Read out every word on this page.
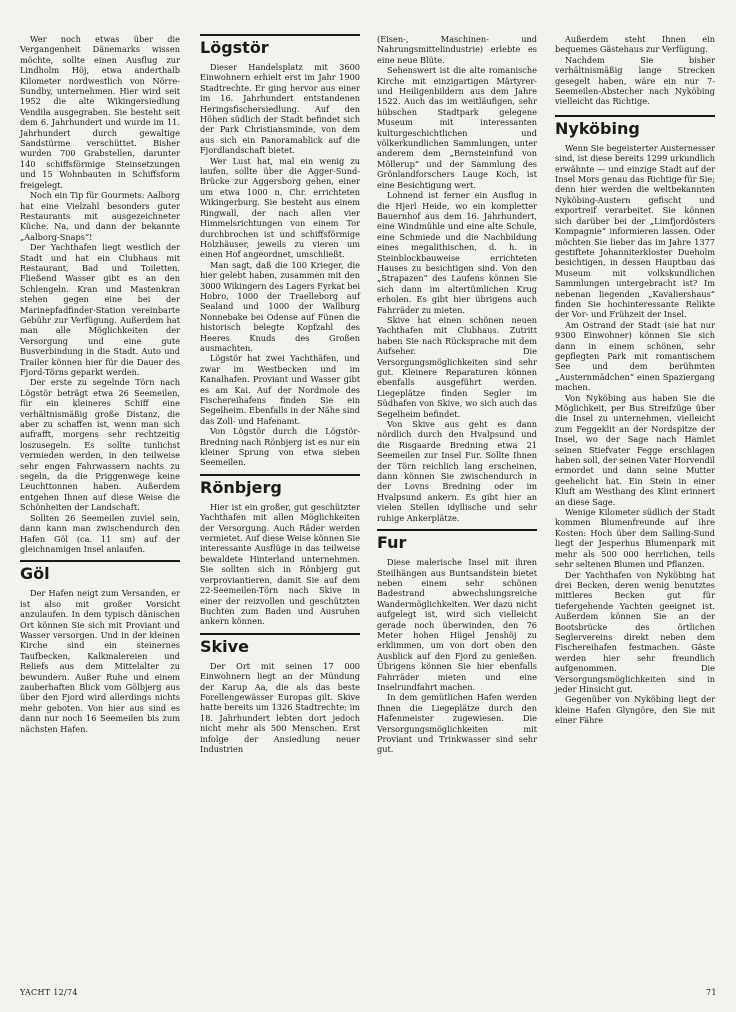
Wer noch etwas über die Vergangenheit Dänemarks wissen möchte, sollte einen Ausflug zur Lindholm Höj, etwa anderthalb Kilometer nordwestlich von Nörre-Sundby, unternehmen. Hier wird seit 1952 die alte Wikingersiedlung Vendila ausgegraben. Sie besteht seit dem 6. Jahrhundert und wurde im 11. Jahrhundert durch gewaltige Sandstürme verschüttet. Bisher wurden 700 Grabstellen, darunter 140 schiffsförmige Steinsetzungen und 15 Wohnbauten in Schiffsform freigelegt.

Noch ein Tip für Gourmets: Aalborg hat eine Vielzahl besonders guter Restaurants mit ausgezeichneter Küche. Na, und dann der bekannte „Aalborg-Snaps“!

Der Yachthafen liegt westlich der Stadt und hat ein Clubhaus mit Restaurant, Bad und Toiletten. Fließend Wasser gibt es an den Schlengeln. Kran und Mastenkran stehen gegen eine bei der Marinepfadfinder-Station vereinbarte Gebühr zur Verfügung. Außerdem hat man alle Möglichkeiten der Versorgung und eine gute Busverbindung in die Stadt. Auto und Trailer können hier für die Dauer des Fjord-Törns geparkt werden.

Der erste zu segelnde Törn nach Lögstör beträgt etwa 26 Seemeilen, für ein kleineres Schiff eine verhältnismäßig große Distanz, die aber zu schaffen ist, wenn man sich aufrafft, morgens sehr rechtzeitig loszusegeln. Es sollte tunlichst vermieden werden, in den teilweise sehr engen Fahrwassern nachts zu segeln, da die Priggenwege keine Leuchttonnen haben. Außerdem entgehen Ihnen auf diese Weise die Schönheiten der Landschaft.

Sollten 26 Seemeilen zuviel sein, dann kann man zwischendurch den Hafen Göl (ca. 11 sm) auf der gleichnamigen Insel anlaufen.

Göl

Der Hafen neigt zum Versanden, er ist also mit großer Vorsicht anzulaufen. In dem typisch dänischen Ort können Sie sich mit Proviant und Wasser versorgen. Und in der kleinen Kirche sind ein steinernes Taufbecken, Kalkmalereien und Reliefs aus dem Mittelalter zu bewundern. Außer Ruhe und einem zauberhaften Blick vom Gölbjerg aus über den Fjord wird allerdings nichts mehr geboten. Von hier aus sind es dann nur noch 16 Seemeilen bis zum nächsten Hafen.

Lögstör

Dieser Handelsplatz mit 3600 Einwohnern erhielt erst im Jahr 1900 Stadtrechte. Er ging hervor aus einer im 16. Jahrhundert entstandenen Heringsfischersiedlung. Auf den Höhen südlich der Stadt befindet sich der Park Christiansminde, von dem aus sich ein Panoramablick auf die Fjordlandschaft bietet.

Wer Lust hat, mal ein wenig zu laufen, sollte über die Agger-Sund-Brücke zur Aggersborg gehen, einer um etwa 1000 n. Chr. errichteten Wikingerburg. Sie besteht aus einem Ringwall, der nach allen vier Himmelsrichtungen von einem Tor durchbrochen ist und schiffsförmige Holzhäuser, jeweils zu vieren um einen Hof angeordnet, umschließt.

Man sagt, daß die 100 Krieger, die hier gelebt haben, zusammen mit den 3000 Wikingern des Lagers Fyrkat bei Hobro, 1000 der Traelleborg auf Sealand und 1000 der Wallburg Nonnebake bei Odense auf Fünen die historisch belegte Kopfzahl des Heeres Knuds des Großen ausmachten.

Lögstör hat zwei Yachthäfen, und zwar im Westbecken und im Kanalhafen. Proviant und Wasser gibt es am Kai. Auf der Nordmole des Fischereihafens finden Sie ein Segelheim. Ebenfalls in der Nähe sind das Zoll- und Hafenamt.

Von Lögstör durch die Lögstör-Bredning nach Rönbjerg ist es nur ein kleiner Sprung von etwa sieben Seemeilen.

Rönbjerg

Hier ist ein großer, gut geschützter Yachthafen mit allen Möglichkeiten der Versorgung. Auch Räder werden vermietet. Auf diese Weise können Sie interessante Ausflüge in das teilweise bewaldete Hinterland unternehmen. Sie sollten sich in Rönbjerg gut verproviantieren, damit Sie auf dem 22-Seemeilen-Törn nach Skive in einer der reizvollen und geschützten Buchten zum Baden und Ausruhen ankern können.

Skive

Der Ort mit seinen 17 000 Einwohnern liegt an der Mündung der Karup Aa, die als das beste Forellengewässer Europas gilt. Skive hatte bereits um 1326 Stadtrechte; im 18. Jahrhundert lebten dort jedoch nicht mehr als 500 Menschen. Erst infolge der Ansiedlung neuer Industrien

(Eisen-, Maschinen- und Nahrungsmittelindustrie) erlebte es eine neue Blüte.

Sehenswert ist die alte romanische Kirche mit einzigartigen Märtyrer- und Heiligenbildern aus dem Jahre 1522. Auch das im weitläufigen, sehr hübschen Stadtpark gelegene Museum mit interessanten kulturgeschichtlichen und völkerkundlichen Sammlungen, unter anderem dem „Bernsteinfund von Möllerup“ und der Sammlung des Grönlandforschers Lauge Koch, ist eine Besichtigung wert.

Lohnend ist ferner ein Ausflug in die Hjerl Heide, wo ein kompletter Bauernhof aus dem 16. Jahrhundert, eine Windmühle und eine alte Schule, eine Schmiede und die Nachbildung eines megalithischen, d. h. in Steinblockbauweise errichteten Hauses zu besichtigen sind. Von den „Strapazen“ des Laufens können Sie sich dann im altertümlichen Krug erholen. Es gibt hier übrigens auch Fahrräder zu mieten.

Skive hat einen schönen neuen Yachthafen mit Clubhaus. Zutritt haben Sie nach Rücksprache mit dem Aufseher. Die Versorgungsmöglichkeiten sind sehr gut. Kleinere Reparaturen können ebenfalls ausgeführt werden. Liegeplätze finden Segler im Südhafen von Skive, wo sich auch das Segelheim befindet.

Von Skive aus geht es dann nördlich durch den Hvalpsund und die Risgaarde Bredning etwa 21 Seemeilen zur Insel Fur. Sollte Ihnen der Törn reichlich lang erscheinen, dann können Sie zwischendurch in der Lovns Bredning oder im Hvalpsund ankern. Es gibt hier an vielen Stellen idyllische und sehr ruhige Ankerplätze.

Fur

Diese malerische Insel mit ihren Steilhängen aus Buntsandstein bietet neben einem sehr schönen Badestrand abwechslungsreiche Wandermöglichkeiten. Wer dazu nicht aufgelegt ist, wird sich vielleicht gerade noch überwinden, den 76 Meter hohen Hügel Jenshöj zu erklimmen, um von dort oben den Ausblick auf den Fjord zu genießen. Übrigens können Sie hier ebenfalls Fahrräder mieten und eine Inselrundfahrt machen.

In dem gemütlichen Hafen werden Ihnen die Liegeplätze durch den Hafenmeister zugewiesen. Die Versorgungsmöglichkeiten mit Proviant und Trinkwasser sind sehr gut.

Außerdem steht Ihnen ein bequemes Gästehaus zur Verfügung.

Nachdem Sie bisher verhältnismäßig lange Strecken gesegelt haben, wäre ein nur 7-Seemeilen-Abstecher nach Nyköbing vielleicht das Richtige.

Nyköbing

Wenn Sie begeisterter Austernesser sind, ist diese bereits 1299 urkundlich erwähnte — und einzige Stadt auf der Insel Mors genau das Richtige für Sie; denn hier werden die weltbekannten Nyköbing-Austern gefischt und exportreif verarbeitet. Sie können sich darüber bei der „Limfjordösters Kompagnie“ informieren lassen. Oder möchten Sie lieber das im Jahre 1377 gestiftete Johanniterkloster Dueholm besichtigen, in dessen Hauptbau das Museum mit volkskundlichen Sammlungen untergebracht ist? Im nebenan liegenden „Kavaliershaus“ finden Sie hochinteressante Relikte der Vor- und Frühzeit der Insel.

Am Ostrand der Stadt (sie hat nur 9300 Einwohner) können Sie sich dann in einem schönen, sehr gepflegten Park mit romantischem See und dem berühmten „Austernmädchen“ einen Spaziergang machen.

Von Nyköbing aus haben Sie die Möglichkeit, per Bus Streifzüge über die Insel zu unternehmen, vielleicht zum Feggeklit an der Nordspitze der Insel, wo der Sage nach Hamlet seinen Stiefvater Fegge erschlagen haben soll, der seinen Vater Horvendil ermordet und dann seine Mutter geehelicht hat. Ein Stein in einer Kluft am Westhang des Klint erinnert an diese Sage.

Wenige Kilometer südlich der Stadt kommen Blumenfreunde auf ihre Kosten: Hoch über dem Salling-Sund liegt der Jesperhus Blumenpark mit mehr als 500 000 herrlichen, teils sehr seltenen Blumen und Pflanzen.

Der Yachthafen von Nyköbing hat drei Becken, deren wenig benutztes mittleres Becken gut für tiefergehende Yachten geeignet ist. Außerdem können Sie an der Bootsbrücke des örtlichen Seglervereins direkt neben dem Fischereihafen festmachen. Gäste werden hier sehr freundlich aufgenommen. Die Versorgungsmöglichkeiten sind in jeder Hinsicht gut.

Gegenüber von Nyköbing liegt der kleine Hafen Glyngöre, den Sie mit einer Fähre

YACHT 12/74	71
